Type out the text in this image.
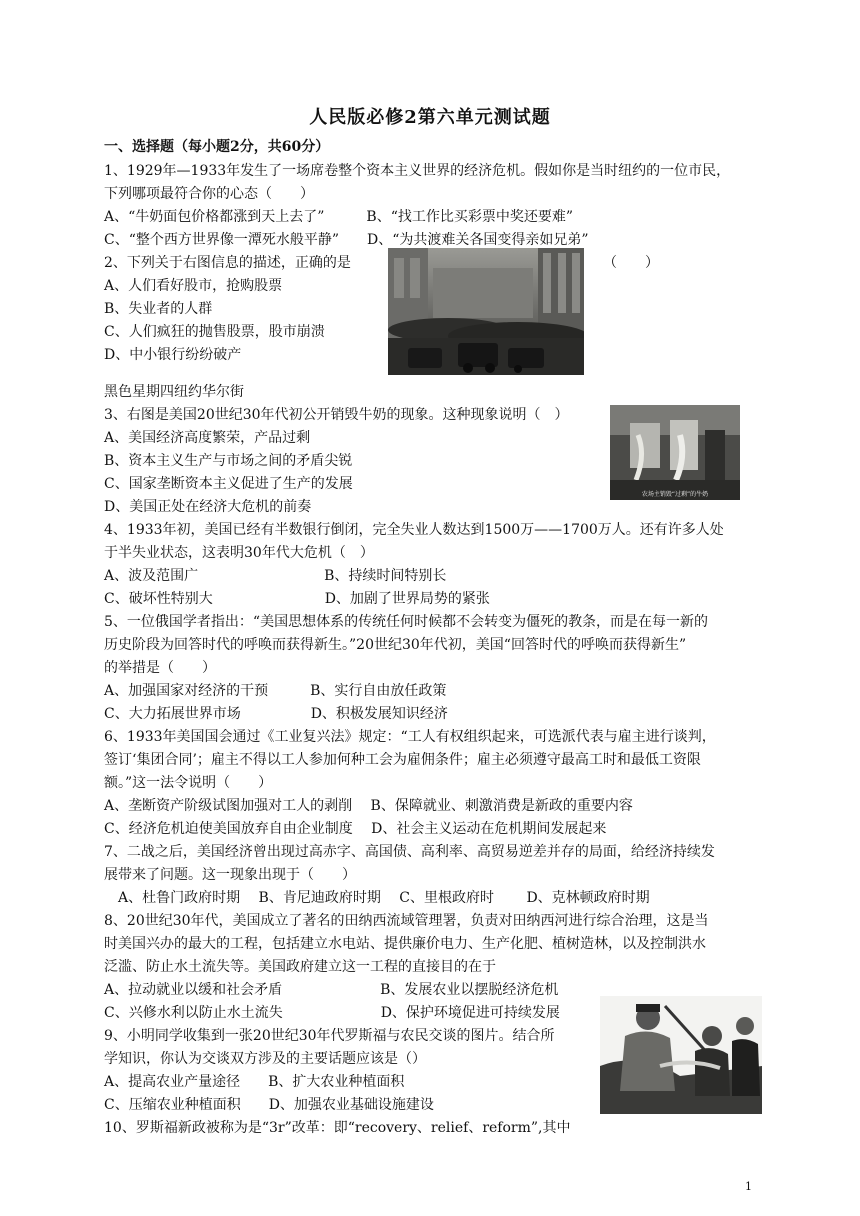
人民版必修2第六单元测试题
一、选择题（每小题2分，共60分）
1、1929年—1933年发生了一场席卷整个资本主义世界的经济危机。假如你是当时纽约的一位市民，
下列哪项最符合你的心态（　　）
A、“牛奶面包价格都涨到天上去了”　　　B、“找工作比买彩票中奖还要难”
C、“整个西方世界像一潭死水般平静”　　D、“为共渡难关各国变得亲如兄弟”
2、下列关于右图信息的描述，正确的是	（　　）
A、人们看好股市，抢购股票
B、失业者的人群
C、人们疯狂的抛售股票，股市崩溃
D、中小银行纷纷破产
黑色星期四纽约华尔街
3、右图是美国20世纪30年代初公开销毁牛奶的现象。这种现象说明（　）
A、美国经济高度繁荣，产品过剩
B、资本主义生产与市场之间的矛盾尖锐
C、国家垄断资本主义促进了生产的发展
D、美国正处在经济大危机的前奏
农场主销毁“过剩”的牛奶
4、1933年初，美国已经有半数银行倒闭，完全失业人数达到1500万——1700万人。还有许多人处
于半失业状态，这表明30年代大危机（　）
A、波及范围广　　　　　　　　　B、持续时间特别长
C、破坏性特别大　　　　　　　　D、加剧了世界局势的紧张
5、一位俄国学者指出：“美国思想体系的传统任何时候都不会转变为僵死的教条，而是在每一新的
历史阶段为回答时代的呼唤而获得新生。”20世纪30年代初，美国“回答时代的呼唤而获得新生”
的举措是（　　）
A、加强国家对经济的干预　　　B、实行自由放任政策
C、大力拓展世界市场　　　　　D、积极发展知识经济
6、1933年美国国会通过《工业复兴法》规定：“工人有权组织起来，可选派代表与雇主进行谈判，
签订‘集团合同’；雇主不得以工人参加何种工会为雇佣条件；雇主必须遵守最高工时和最低工资限
额。”这一法令说明（　　）
A、垄断资产阶级试图加强对工人的剥削　 B、保障就业、刺激消费是新政的重要内容
C、经济危机迫使美国放弃自由企业制度　 D、社会主义运动在危机期间发展起来
7、二战之后，美国经济曾出现过高赤字、高国债、高利率、高贸易逆差并存的局面，给经济持续发
展带来了问题。这一现象出现于（　　）
　A、杜鲁门政府时期　 B、肯尼迪政府时期　 C、里根政府时　　 D、克林顿政府时期
8、20世纪30年代，美国成立了著名的田纳西流域管理署，负责对田纳西河进行综合治理，这是当
时美国兴办的最大的工程，包括建立水电站、提供廉价电力、生产化肥、植树造林，以及控制洪水
泛滥、防止水土流失等。美国政府建立这一工程的直接目的在于
A、拉动就业以缓和社会矛盾　　　　　　　B、发展农业以摆脱经济危机
C、兴修水利以防止水土流失　　　　　　　D、保护环境促进可持续发展
9、小明同学收集到一张20世纪30年代罗斯福与农民交谈的图片。结合所
学知识，你认为交谈双方涉及的主要话题应该是（）
A、提高农业产量途径　　B、扩大农业种植面积
C、压缩农业种植面积　　D、加强农业基础设施建设
10、罗斯福新政被称为是“3r”改革：即“recovery、relief、reform”,其中
1
